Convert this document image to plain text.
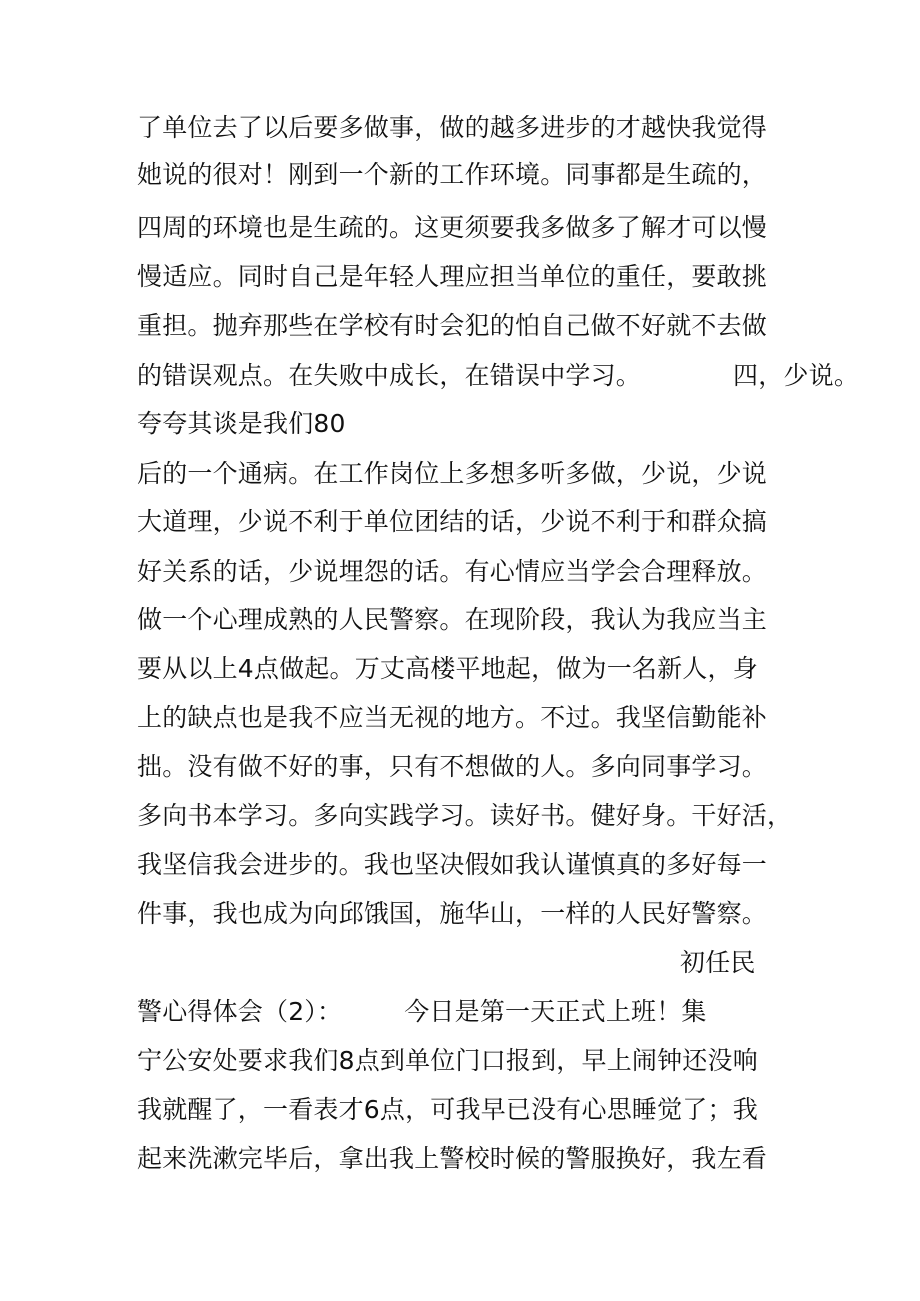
了单位去了以后要多做事，做的越多进步的才越快我觉得
她说的很对！刚到一个新的工作环境。同事都是生疏的，
四周的环境也是生疏的。这更须要我多做多了解才可以慢
慢适应。同时自己是年轻人理应担当单位的重任，要敢挑
重担。抛弃那些在学校有时会犯的怕自己做不好就不去做
的错误观点。在失败中成长，在错误中学习。	四，少说。
夸夸其谈是我们80
后的一个通病。在工作岗位上多想多听多做，少说，少说
大道理，少说不利于单位团结的话，少说不利于和群众搞
好关系的话，少说埋怨的话。有心情应当学会合理释放。
做一个心理成熟的人民警察。在现阶段，我认为我应当主
要从以上4点做起。万丈高楼平地起，做为一名新人，身
上的缺点也是我不应当无视的地方。不过。我坚信勤能补
拙。没有做不好的事，只有不想做的人。多向同事学习。
多向书本学习。多向实践学习。读好书。健好身。干好活，
我坚信我会进步的。我也坚决假如我认谨慎真的多好每一
件事，我也成为向邱饿国，施华山，一样的人民好警察。
初任民
警心得体会（2）： 今日是第一天正式上班！集
宁公安处要求我们8点到单位门口报到，早上闹钟还没响
我就醒了，一看表才6点，可我早已没有心思睡觉了；我
起来洗漱完毕后，拿出我上警校时候的警服换好，我左看
